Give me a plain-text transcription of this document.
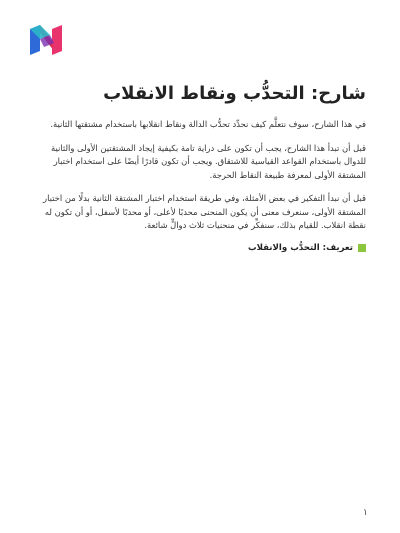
شارح: التحدُّب ونقاط الانقلاب

في هذا الشارح، سوف نتعلَّم كيف نحدِّد تحدُّب الدالة ونقاط انقلابها باستخدام مشتقتها الثانية.

قبل أن تبدأ هذا الشارح، يجب أن تكون على دراية تامة بكيفية إيجاد المشتقتين الأولى والثانية للدوال باستخدام القواعد القياسية للاشتقاق. ويجب أن تكون قادرًا أيضًا على استخدام اختبار المشتقة الأولى لمعرفة طبيعة النقاط الحرجة.

قبل أن نبدأ التفكير في بعض الأمثلة، وفي طريقة استخدام اختبار المشتقة الثانية بدلًا من اختبار المشتقة الأولى، سنعرف معنى أن يكون المنحنى محدبًا لأعلى، أو محدبًا لأسفل، أو أن تكون له نقطة انقلاب. للقيام بذلك، سنفكِّر في منحنيات ثلاث دوالٍّ شائعة.

تعريف: التحدُّب والانقلاب
١
